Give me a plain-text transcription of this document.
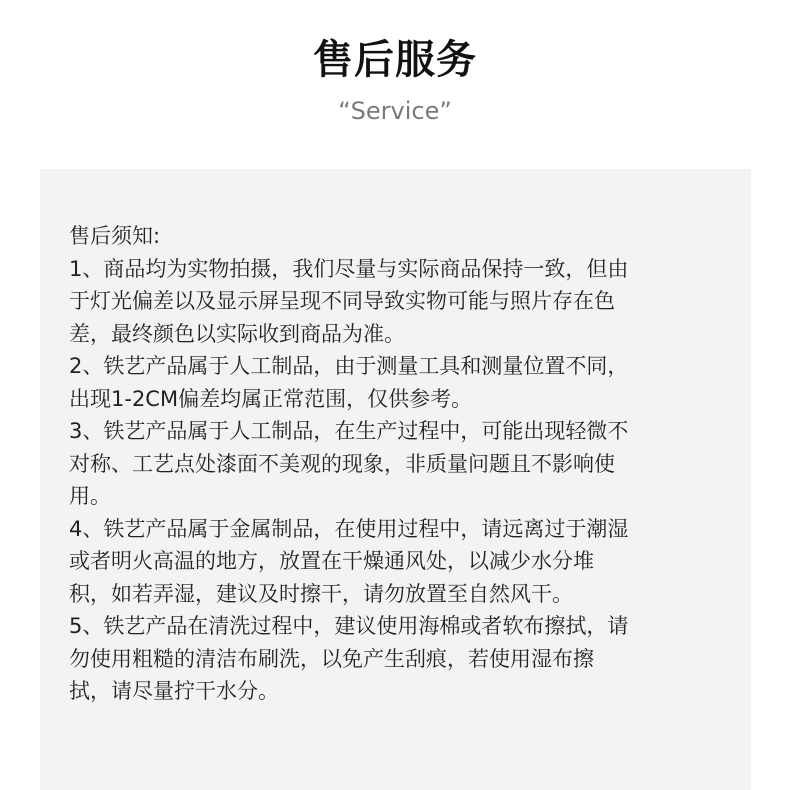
售后服务
“Service”

售后须知:

1、商品均为实物拍摄，我们尽量与实际商品保持一致，但由

于灯光偏差以及显示屏呈现不同导致实物可能与照片存在色

差，最终颜色以实际收到商品为准。

2、铁艺产品属于人工制品，由于测量工具和测量位置不同，

出现1-2CM偏差均属正常范围，仅供参考。

3、铁艺产品属于人工制品，在生产过程中，可能出现轻微不

对称、工艺点处漆面不美观的现象，非质量问题且不影响使

用。

4、铁艺产品属于金属制品，在使用过程中，请远离过于潮湿

或者明火高温的地方，放置在干燥通风处，以减少水分堆

积，如若弄湿，建议及时擦干，请勿放置至自然风干。

5、铁艺产品在清洗过程中，建议使用海棉或者软布擦拭，请

勿使用粗糙的清洁布刷洗，以免产生刮痕，若使用湿布擦

拭，请尽量拧干水分。
